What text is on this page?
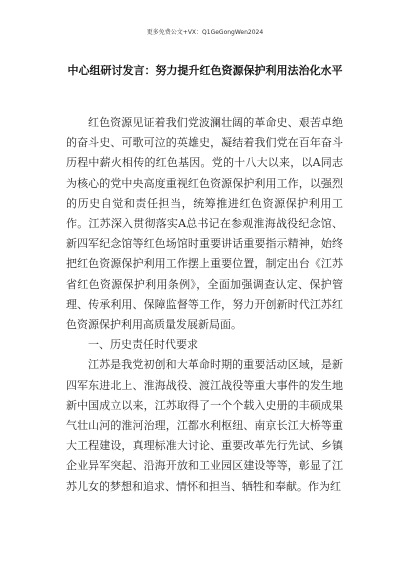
更多免费公文+VX：Q1GeGongWen2024
中心组研讨发言：努力提升红色资源保护利用法治化水平

红色资源见证着我们党波澜壮阔的革命史、艰苦卓绝的奋斗史、可歌可泣的英雄史，凝结着我们党在百年奋斗历程中薪火相传的红色基因。党的十八大以来，以A同志为核心的党中央高度重视红色资源保护利用工作，以强烈的历史自觉和责任担当，统筹推进红色资源保护利用工作。江苏深入贯彻落实A总书记在参观淮海战役纪念馆、新四军纪念馆等红色场馆时重要讲话重要指示精神，始终把红色资源保护利用工作摆上重要位置，制定出台《江苏省红色资源保护利用条例》，全面加强调查认定、保护管理、传承利用、保障监督等工作，努力开创新时代江苏红色资源保护利用高质量发展新局面。

一、历史责任时代要求

江苏是我党初创和大革命时期的重要活动区域，是新四军东进北上、淮海战役、渡江战役等重大事件的发生地新中国成立以来，江苏取得了一个个载入史册的丰硕成果气壮山河的淮河治理，江都水利枢纽、南京长江大桥等重大工程建设，真理标准大讨论、重要改革先行先试、乡镇企业异军突起、沿海开放和工业园区建设等等，彰显了江苏儿女的梦想和追求、情怀和担当、牺牲和奉献。作为红
